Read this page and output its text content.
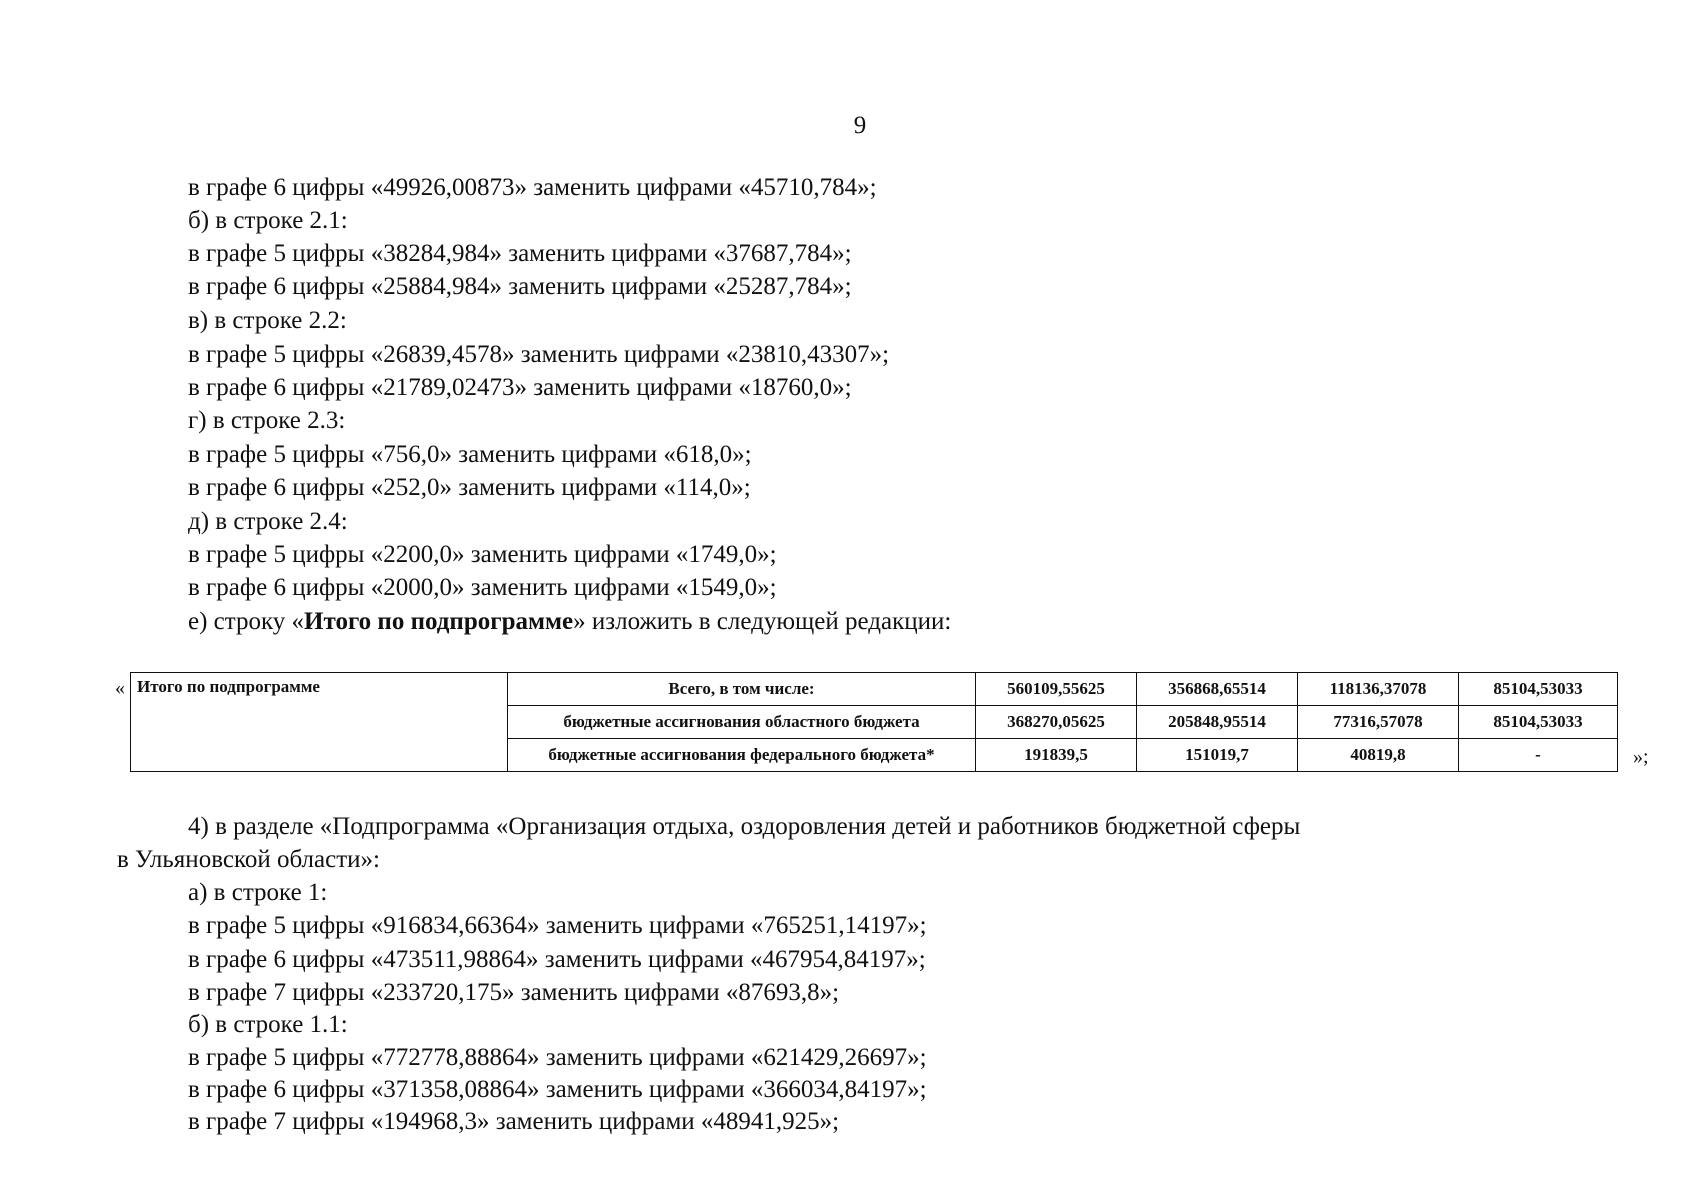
9
в графе 6 цифры «49926,00873» заменить цифрами «45710,784»;
б) в строке 2.1:
в графе 5 цифры «38284,984» заменить цифрами «37687,784»;
в графе 6 цифры «25884,984» заменить цифрами «25287,784»;
в) в строке 2.2:
в графе 5 цифры «26839,4578» заменить цифрами «23810,43307»;
в графе 6 цифры «21789,02473» заменить цифрами «18760,0»;
г) в строке 2.3:
в графе 5 цифры «756,0» заменить цифрами «618,0»;
в графе 6 цифры «252,0» заменить цифрами «114,0»;
д) в строке 2.4:
в графе 5 цифры «2200,0» заменить цифрами «1749,0»;
в графе 6 цифры «2000,0» заменить цифрами «1549,0»;
е) строку «Итого по подпрограмме» изложить в следующей редакции:
« Итого по подпрограмме	Всего, в том числе:	560109,55625	356868,65514	118136,37078	85104,53033
	бюджетные ассигнования областного бюджета	368270,05625	205848,95514	77316,57078	85104,53033
	бюджетные ассигнования федерального бюджета*	191839,5	151019,7	40819,8	-	»;
4) в разделе «Подпрограмма «Организация отдыха, оздоровления детей и работников бюджетной сферы
в Ульяновской области»:
а) в строке 1:
в графе 5 цифры «916834,66364» заменить цифрами «765251,14197»;
в графе 6 цифры «473511,98864» заменить цифрами «467954,84197»;
в графе 7 цифры «233720,175» заменить цифрами «87693,8»;
б) в строке 1.1:
в графе 5 цифры «772778,88864» заменить цифрами «621429,26697»;
в графе 6 цифры «371358,08864» заменить цифрами «366034,84197»;
в графе 7 цифры «194968,3» заменить цифрами «48941,925»;
